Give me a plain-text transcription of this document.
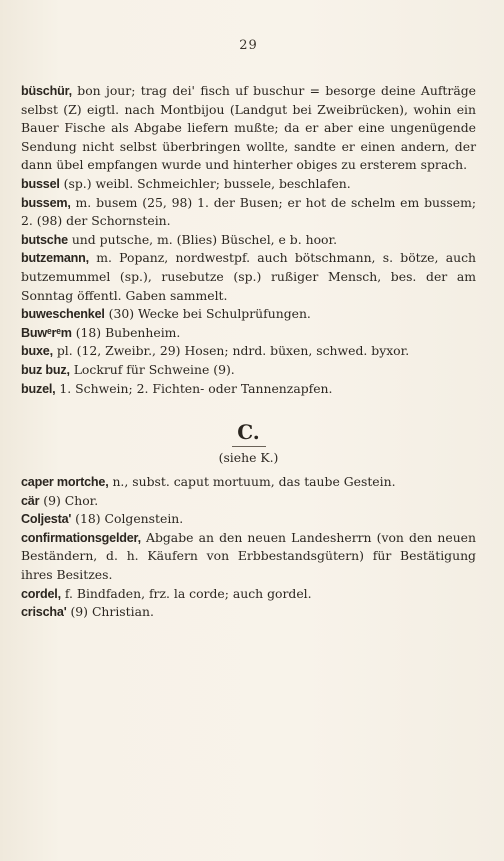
29
büschür, bon jour; trag dei' fisch uf buschur = besorge deine Aufträge selbst (Z) eigtl. nach Montbijou (Landgut bei Zweibrücken), wohin ein Bauer Fische als Abgabe liefern mußte; da er aber eine ungenügende Sendung nicht selbst überbringen wollte, sandte er einen andern, der dann übel empfangen wurde und hinterher obiges zu ersterem sprach.
bussel (sp.) weibl. Schmeichler; bussele, beschlafen.
bussem, m. busem (25, 98) 1. der Busen; er hot de schelm em bussem; 2. (98) der Schornstein.
butsche und putsche, m. (Blies) Büschel, e b. hoor.
butzemann, m. Popanz, nordwestpf. auch bötschmann, s. bötze, auch butzemummel (sp.), rusebutze (sp.) rußiger Mensch, bes. der am Sonntag öffentl. Gaben sammelt.
buweschenkel (30) Wecke bei Schulprüfungen.
Buwᵉrᵉm (18) Bubenheim.
buxe, pl. (12, Zweibr., 29) Hosen; ndrd. büxen, schwed. byxor.
buz buz, Lockruf für Schweine (9).
buzel, 1. Schwein; 2. Fichten- oder Tannenzapfen.
C.
(siehe K.)
caper mortche, n., subst. caput mortuum, das taube Gestein.
cär (9) Chor.
Coljesta' (18) Colgenstein.
confirmationsgelder, Abgabe an den neuen Landesherrn (von den neuen Beständern, d. h. Käufern von Erbbestandsgütern) für Bestätigung ihres Besitzes.
cordel, f. Bindfaden, frz. la corde; auch gordel.
crischa' (9) Christian.
